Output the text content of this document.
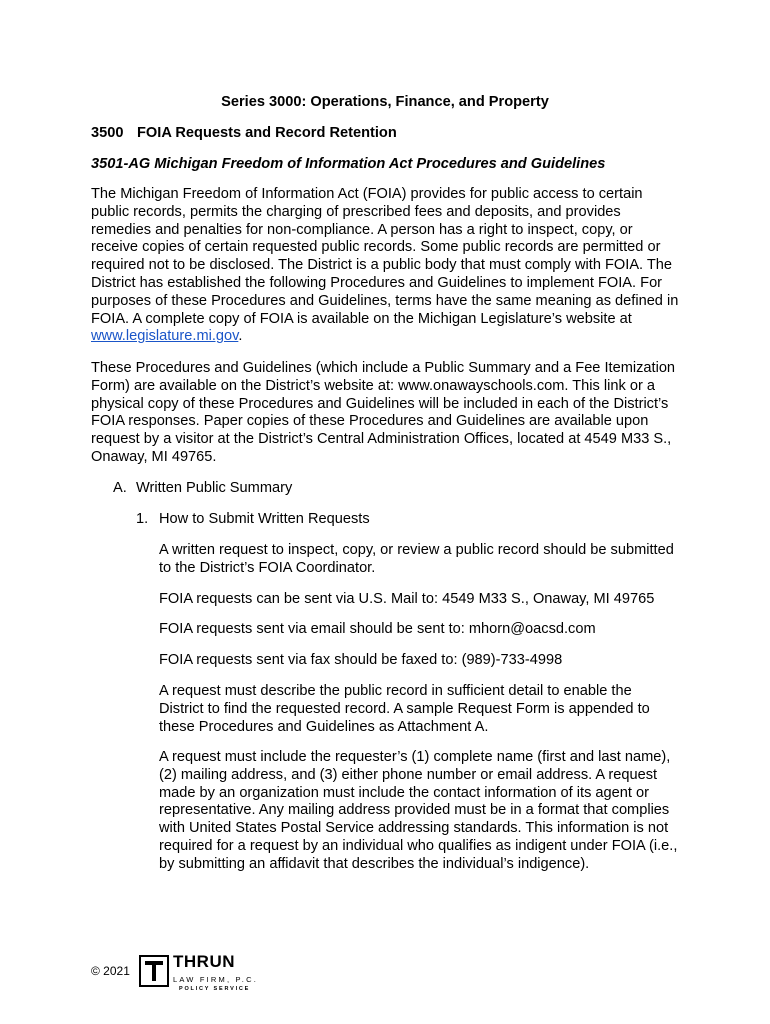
Series 3000: Operations, Finance, and Property
3500 FOIA Requests and Record Retention
3501-AG Michigan Freedom of Information Act Procedures and Guidelines

The Michigan Freedom of Information Act (FOIA) provides for public access to certain public records, permits the charging of prescribed fees and deposits, and provides remedies and penalties for non-compliance. A person has a right to inspect, copy, or receive copies of certain requested public records. Some public records are permitted or required not to be disclosed. The District is a public body that must comply with FOIA. The District has established the following Procedures and Guidelines to implement FOIA. For purposes of these Procedures and Guidelines, terms have the same meaning as defined in FOIA. A complete copy of FOIA is available on the Michigan Legislature’s website at www.legislature.mi.gov.

These Procedures and Guidelines (which include a Public Summary and a Fee Itemization Form) are available on the District’s website at: www.onawayschools.com. This link or a physical copy of these Procedures and Guidelines will be included in each of the District’s FOIA responses. Paper copies of these Procedures and Guidelines are available upon request by a visitor at the District’s Central Administration Offices, located at 4549 M33 S., Onaway, MI 49765.

A. Written Public Summary
1. How to Submit Written Requests

A written request to inspect, copy, or review a public record should be submitted to the District’s FOIA Coordinator.

FOIA requests can be sent via U.S. Mail to: 4549 M33 S., Onaway, MI 49765

FOIA requests sent via email should be sent to: mhorn@oacsd.com

FOIA requests sent via fax should be faxed to: (989)-733-4998

A request must describe the public record in sufficient detail to enable the District to find the requested record. A sample Request Form is appended to these Procedures and Guidelines as Attachment A.

A request must include the requester’s (1) complete name (first and last name), (2) mailing address, and (3) either phone number or email address. A request made by an organization must include the contact information of its agent or representative. Any mailing address provided must be in a format that complies with United States Postal Service addressing standards. This information is not required for a request by an individual who qualifies as indigent under FOIA (i.e., by submitting an affidavit that describes the individual’s indigence).

© 2021	THRUN
LAW FIRM, P.C.
POLICY SERVICE
